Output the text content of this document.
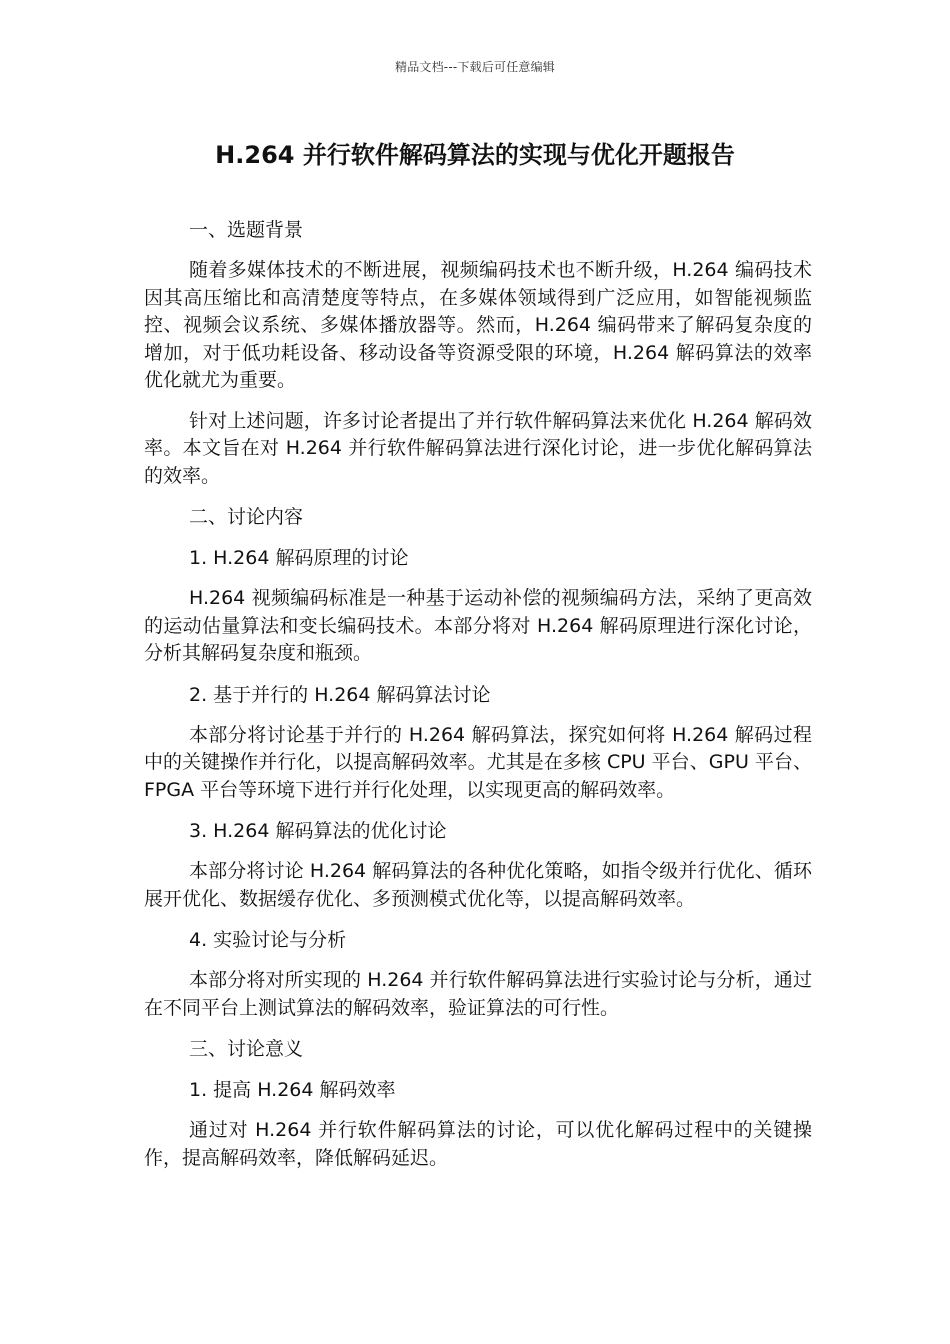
精品文档---下载后可任意编辑
H.264 并行软件解码算法的实现与优化开题报告
一、选题背景

随着多媒体技术的不断进展，视频编码技术也不断升级，H.264 编码技术因其高压缩比和高清楚度等特点，在多媒体领域得到广泛应用，如智能视频监控、视频会议系统、多媒体播放器等。然而，H.264 编码带来了解码复杂度的增加，对于低功耗设备、移动设备等资源受限的环境，H.264 解码算法的效率优化就尤为重要。

针对上述问题，许多讨论者提出了并行软件解码算法来优化 H.264 解码效率。本文旨在对 H.264 并行软件解码算法进行深化讨论，进一步优化解码算法的效率。

二、讨论内容
1. H.264 解码原理的讨论

H.264 视频编码标准是一种基于运动补偿的视频编码方法，采纳了更高效的运动估量算法和变长编码技术。本部分将对 H.264 解码原理进行深化讨论，分析其解码复杂度和瓶颈。

2. 基于并行的 H.264 解码算法讨论

本部分将讨论基于并行的 H.264 解码算法，探究如何将 H.264 解码过程中的关键操作并行化，以提高解码效率。尤其是在多核 CPU 平台、GPU 平台、FPGA 平台等环境下进行并行化处理，以实现更高的解码效率。

3. H.264 解码算法的优化讨论

本部分将讨论 H.264 解码算法的各种优化策略，如指令级并行优化、循环展开优化、数据缓存优化、多预测模式优化等，以提高解码效率。

4. 实验讨论与分析

本部分将对所实现的 H.264 并行软件解码算法进行实验讨论与分析，通过在不同平台上测试算法的解码效率，验证算法的可行性。

三、讨论意义
1. 提高 H.264 解码效率

通过对 H.264 并行软件解码算法的讨论，可以优化解码过程中的关键操作，提高解码效率，降低解码延迟。
